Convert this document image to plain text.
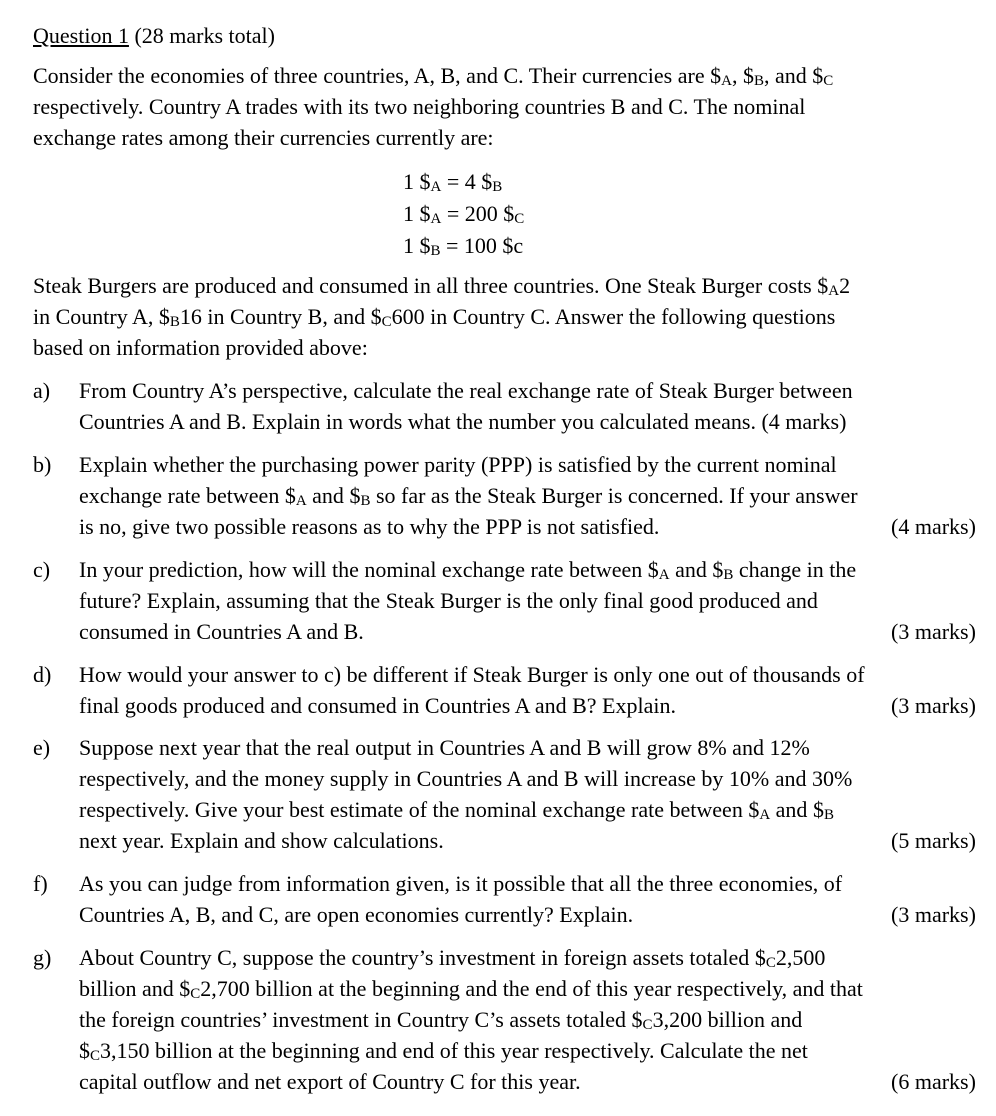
Question 1 (28 marks total)
Consider the economies of three countries, A, B, and C. Their currencies are $\$_A$, $\$_B$, and $\$_C$
respectively. Country A trades with its two neighboring countries B and C. The nominal
exchange rates among their currencies currently are:
1 $\$_A = 4$ $\$_B$
1 $\$_A = 200$ $\$_C$
1 $\$_B = 100$ $c
Steak Burgers are produced and consumed in all three countries. One Steak Burger costs $\$_A2$
in Country A, $\$_B16$ in Country B, and $\$_C600$ in Country C. Answer the following questions
based on information provided above:
a) From Country A’s perspective, calculate the real exchange rate of Steak Burger between
Countries A and B. Explain in words what the number you calculated means. (4 marks)
b) Explain whether the purchasing power parity (PPP) is satisfied by the current nominal
exchange rate between $\$_A$ and $\$_B$ so far as the Steak Burger is concerned. If your answer
is no, give two possible reasons as to why the PPP is not satisfied.	(4 marks)
c) In your prediction, how will the nominal exchange rate between $\$_A$ and $\$_B$ change in the
future? Explain, assuming that the Steak Burger is the only final good produced and
consumed in Countries A and B.	(3 marks)
d) How would your answer to c) be different if Steak Burger is only one out of thousands of
final goods produced and consumed in Countries A and B? Explain.	(3 marks)
e) Suppose next year that the real output in Countries A and B will grow 8% and 12%
respectively, and the money supply in Countries A and B will increase by 10% and 30%
respectively. Give your best estimate of the nominal exchange rate between $\$_A$ and $\$_B$
next year. Explain and show calculations.	(5 marks)
f) As you can judge from information given, is it possible that all the three economies, of
Countries A, B, and C, are open economies currently? Explain.	(3 marks)
g) About Country C, suppose the country’s investment in foreign assets totaled $\$_C2,500$
billion and $\$_C2,700$ billion at the beginning and the end of this year respectively, and that
the foreign countries’ investment in Country C’s assets totaled $\$_C3,200$ billion and
$\$_C3,150$ billion at the beginning and end of this year respectively. Calculate the net
capital outflow and net export of Country C for this year.	(6 marks)
